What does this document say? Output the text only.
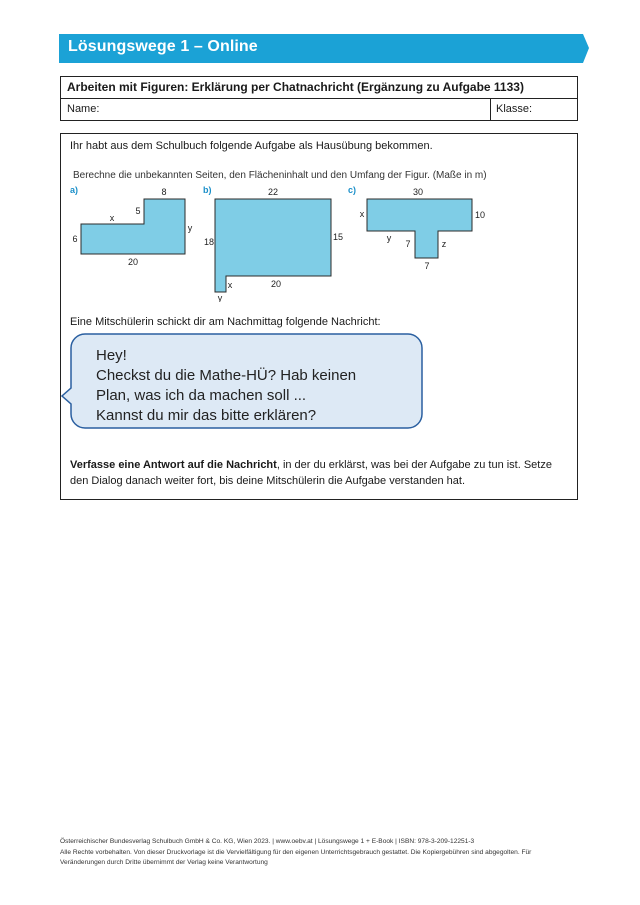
Lösungswege 1 – Online
Arbeiten mit Figuren: Erklärung per Chatnachricht (Ergänzung zu Aufgabe 1133)
Name:	Klasse:
Ihr habt aus dem Schulbuch folgende Aufgabe als Hausübung bekommen.
Berechne die unbekannten Seiten, den Flächeninhalt und den Umfang der Figur. (Maße in m)
a)	8
5
x
6
y
20
b)	22
18	15
x	20
y
c)	30
x	10
y
7	z
7
Eine Mitschülerin schickt dir am Nachmittag folgende Nachricht:
Hey!
Checkst du die Mathe-HÜ? Hab keinen
Plan, was ich da machen soll ...
Kannst du mir das bitte erklären?
Verfasse eine Antwort auf die Nachricht, in der du erklärst, was bei der Aufgabe zu tun ist. Setze den Dialog danach weiter fort, bis deine Mitschülerin die Aufgabe verstanden hat.
Österreichischer Bundesverlag Schulbuch GmbH & Co. KG, Wien 2023. | www.oebv.at | Lösungswege 1 + E-Book | ISBN: 978-3-209-12251-3
Alle Rechte vorbehalten. Von dieser Druckvorlage ist die Vervielfältigung für den eigenen Unterrichtsgebrauch gestattet. Die Kopiergebühren sind abgegolten. Für
Veränderungen durch Dritte übernimmt der Verlag keine Verantwortung
